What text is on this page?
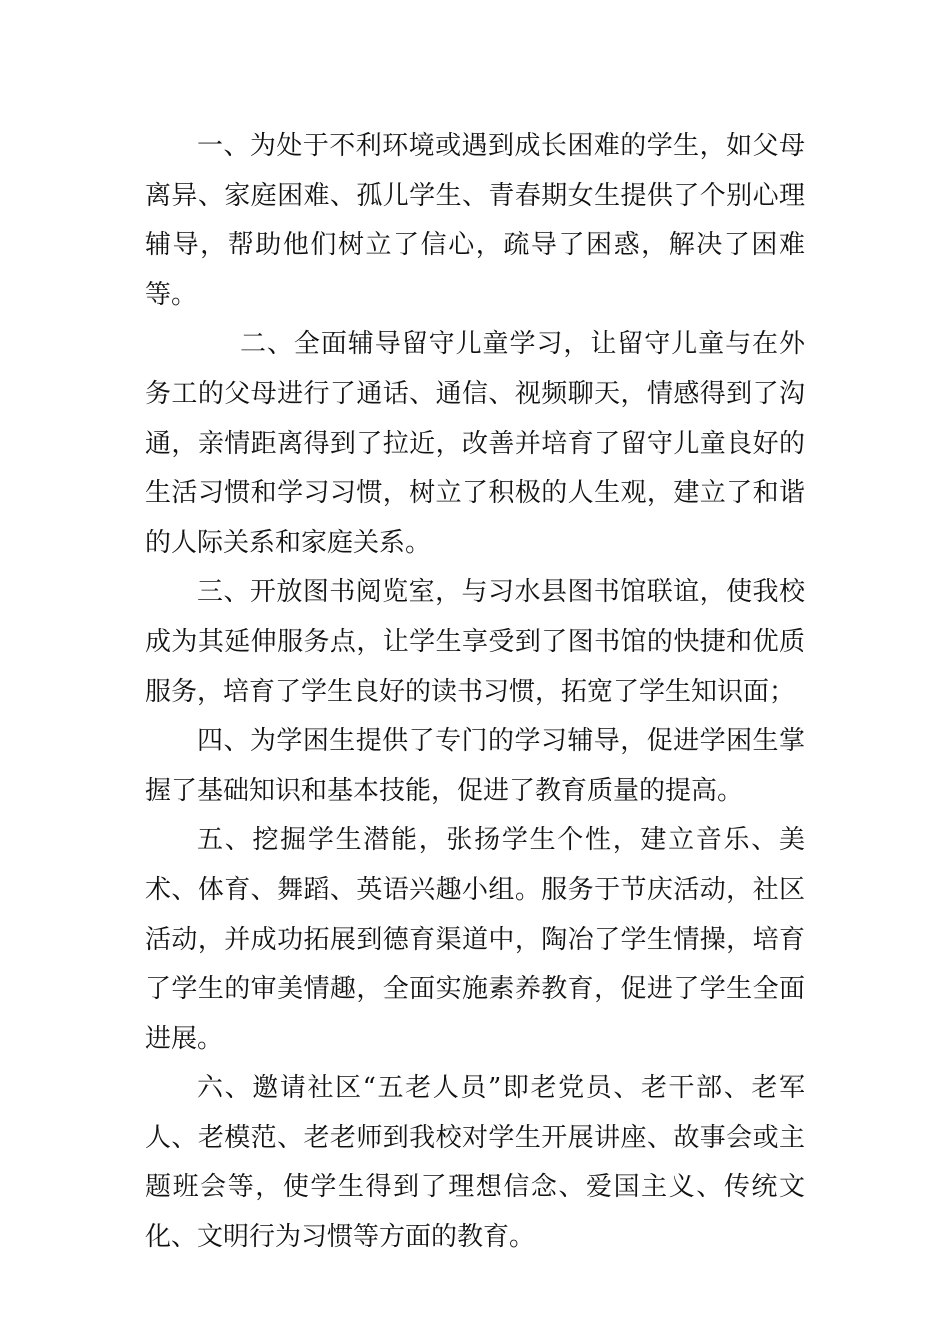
一、为处于不利环境或遇到成长困难的学生，如父母离异、家庭困难、孤儿学生、青春期女生提供了个别心理辅导，帮助他们树立了信心，疏导了困惑，解决了困难等。

二、全面辅导留守儿童学习，让留守儿童与在外务工的父母进行了通话、通信、视频聊天，情感得到了沟通，亲情距离得到了拉近，改善并培育了留守儿童良好的生活习惯和学习习惯，树立了积极的人生观，建立了和谐的人际关系和家庭关系。

三、开放图书阅览室，与习水县图书馆联谊，使我校成为其延伸服务点，让学生享受到了图书馆的快捷和优质服务，培育了学生良好的读书习惯，拓宽了学生知识面；

四、为学困生提供了专门的学习辅导，促进学困生掌握了基础知识和基本技能，促进了教育质量的提高。

五、挖掘学生潜能，张扬学生个性，建立音乐、美术、体育、舞蹈、英语兴趣小组。服务于节庆活动，社区活动，并成功拓展到德育渠道中，陶冶了学生情操，培育了学生的审美情趣，全面实施素养教育，促进了学生全面进展。

六、邀请社区“五老人员”即老党员、老干部、老军人、老模范、老老师到我校对学生开展讲座、故事会或主题班会等，使学生得到了理想信念、爱国主义、传统文化、文明行为习惯等方面的教育。
